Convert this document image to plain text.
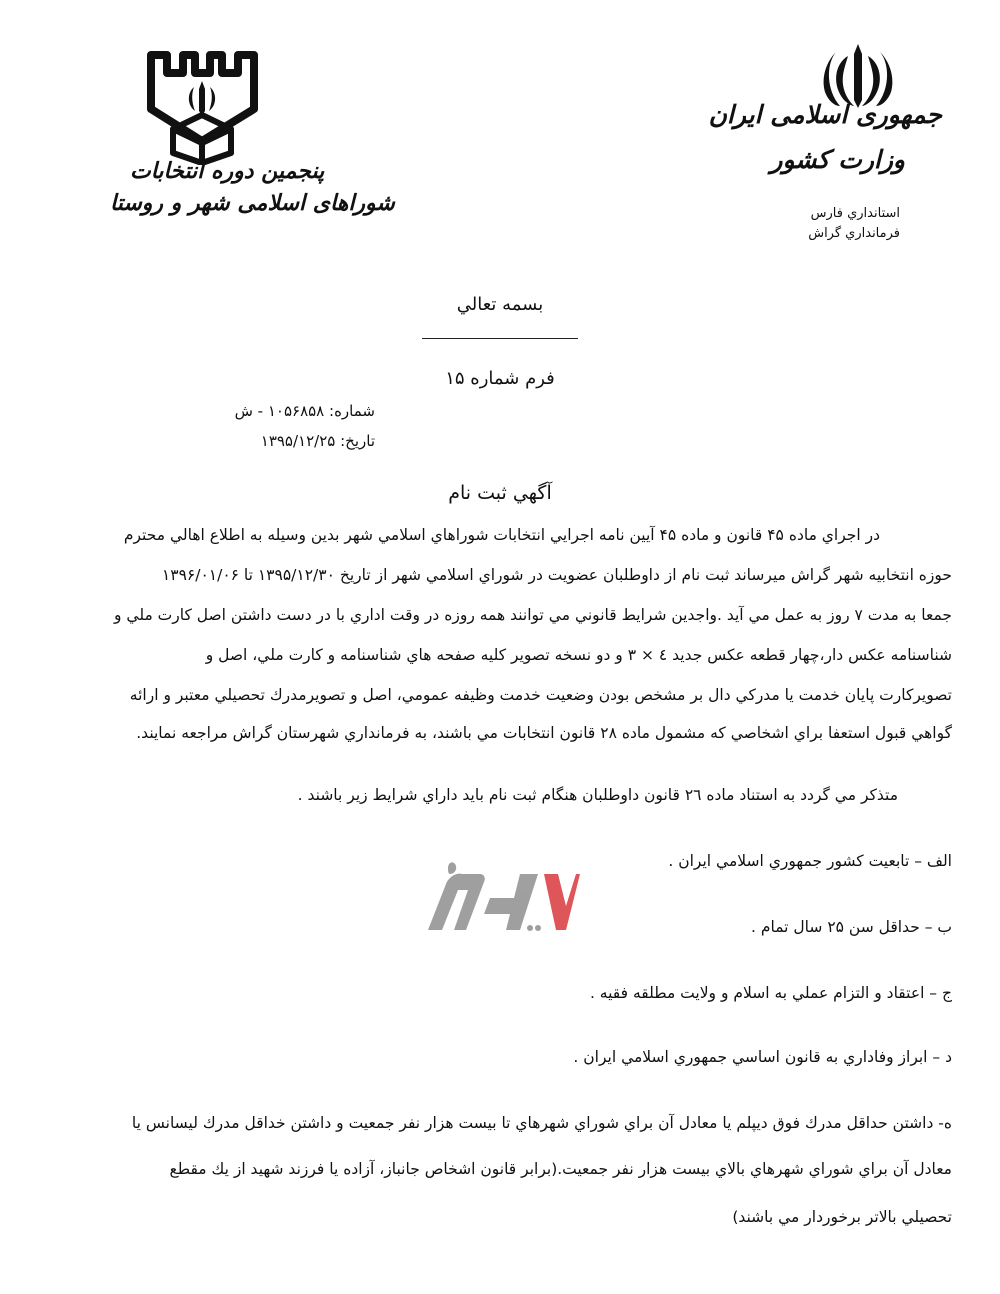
جمهوری اسلامی ایران
وزارت کشور
استانداري فارس
فرمانداري گراش
پنجمین دوره انتخابات
شوراهای اسلامی شهر و روستا
بسمه تعالي
فرم شماره ۱۵
شماره: ۱۰۵۶۸۵۸ - ش
تاریخ: ۱۳۹۵/۱۲/۲۵
آگهي ثبت نام
در اجراي ماده ۴۵ قانون و ماده ۴۵ آيين نامه اجرايي انتخابات شوراهاي اسلامي شهر بدين وسيله به اطلاع اهالي محترم
حوزه انتخابيه شهر گراش ميرساند ثبت نام از داوطلبان عضويت در شوراي اسلامي شهر از تاريخ ۱۳۹۵/۱۲/۳۰ تا ۱۳۹۶/۰۱/۰۶
جمعا به مدت ۷ روز به عمل مي آيد .واجدين شرايط قانوني مي توانند همه روزه در وقت اداري با در دست داشتن اصل كارت ملي و
شناسنامه عكس دار،چهار قطعه عكس جديد ٤ × ۳ و دو نسخه تصوير كليه صفحه هاي شناسنامه و كارت ملي، اصل و
تصويركارت پايان خدمت يا مدركي دال بر مشخص بودن وضعيت خدمت وظيفه عمومي، اصل و تصويرمدرك تحصيلي معتبر و ارائه
گواهي قبول استعفا براي اشخاصي كه مشمول ماده ۲۸ قانون انتخابات مي باشند، به فرمانداري شهرستان گراش مراجعه نمايند.
متذكر مي گردد به استناد ماده ۲٦ قانون داوطلبان هنگام ثبت نام بايد داراي شرايط زير باشند .
الف – تابعيت كشور جمهوري اسلامي ايران .
ب – حداقل سن ۲۵ سال تمام .
ج – اعتقاد و التزام عملي به اسلام و ولايت مطلقه فقيه .
د – ابراز وفاداري به قانون اساسي جمهوري اسلامي ايران .
ه- داشتن حداقل مدرك فوق ديپلم يا معادل آن براي شوراي شهرهاي تا بيست هزار نفر جمعيت و داشتن خداقل مدرك ليسانس يا
معادل آن براي شوراي شهرهاي بالاي بيست هزار نفر جمعيت.(برابر قانون اشخاص جانباز، آزاده يا فرزند شهيد از يك مقطع
تحصيلي بالاتر برخوردار مي باشند)
